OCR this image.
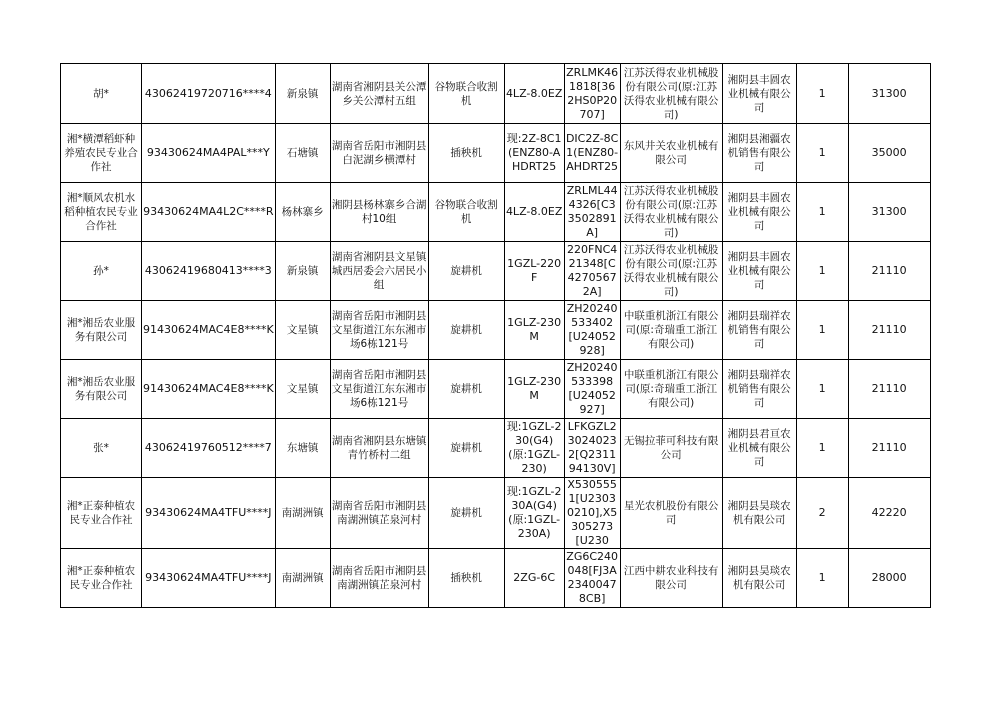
胡*	43062419720716****4	新泉镇	湖南省湘阴县关公潭乡关公潭村五组	谷物联合收割机	4LZ-8.0EZ	ZRLMK461818[362HS0P20707]	江苏沃得农业机械股份有限公司(原:江苏沃得农业机械有限公司)	湘阴县丰圆农业机械有限公司	1	31300
湘*横潭稻虾种养殖农民专业合作社	93430624MA4PAL***Y	石塘镇	湖南省岳阳市湘阴县白泥湖乡横潭村	插秧机	现:2Z-8C1(ENZ80-AHDRT25	DIC2Z-8C1(ENZ80-AHDRT25	东风井关农业机械有限公司	湘阴县湘疆农机销售有限公司	1	35000
湘*顺风农机水稻种植农民专业合作社	93430624MA4L2C****R	杨林寨乡	湘阴县杨林寨乡合湖村10组	谷物联合收割机	4LZ-8.0EZ	ZRLML444326[C33502891A]	江苏沃得农业机械股份有限公司(原:江苏沃得农业机械有限公司)	湘阴县丰圆农业机械有限公司	1	31300
孙*	43062419680413****3	新泉镇	湖南省湘阴县文星镇城西居委会六居民小组	旋耕机	1GZL-220F	220FNC421348[C42705672A]	江苏沃得农业机械股份有限公司(原:江苏沃得农业机械有限公司)	湘阴县丰圆农业机械有限公司	1	21110
湘*湘岳农业服务有限公司	91430624MAC4E8****K	文星镇	湖南省岳阳市湘阴县文星街道江东东湘市场6栋121号	旋耕机	1GLZ-230M	ZH20240533402[U24052928]	中联重机浙江有限公司(原:奇瑞重工浙江有限公司)	湘阴县瑞祥农机销售有限公司	1	21110
湘*湘岳农业服务有限公司	91430624MAC4E8****K	文星镇	湖南省岳阳市湘阴县文星街道江东东湘市场6栋121号	旋耕机	1GLZ-230M	ZH20240533398[U24052927]	中联重机浙江有限公司(原:奇瑞重工浙江有限公司)	湘阴县瑞祥农机销售有限公司	1	21110
张*	43062419760512****7	东塘镇	湖南省湘阴县东塘镇青竹桥村二组	旋耕机	现:1GZL-230(G4)(原:1GZL-230)	LFKGZL230240232[Q231194130V]	无锡拉菲可科技有限公司	湘阴县君亘农业机械有限公司	1	21110
湘*正泰种植农民专业合作社	93430624MA4TFU****J	南湖洲镇	湖南省岳阳市湘阴县南湖洲镇芷泉河村	旋耕机	现:1GZL-230A(G4)(原:1GZL-230A)	X5305551[U23030210],X5305273[U230	星光农机股份有限公司	湘阴县昊琰农机有限公司	2	42220
湘*正泰种植农民专业合作社	93430624MA4TFU****J	南湖洲镇	湖南省岳阳市湘阴县南湖洲镇芷泉河村	插秧机	2ZG-6C	ZG6C240048[FJ3A23400478CB]	江西中耕农业科技有限公司	湘阴县昊琰农机有限公司	1	28000
